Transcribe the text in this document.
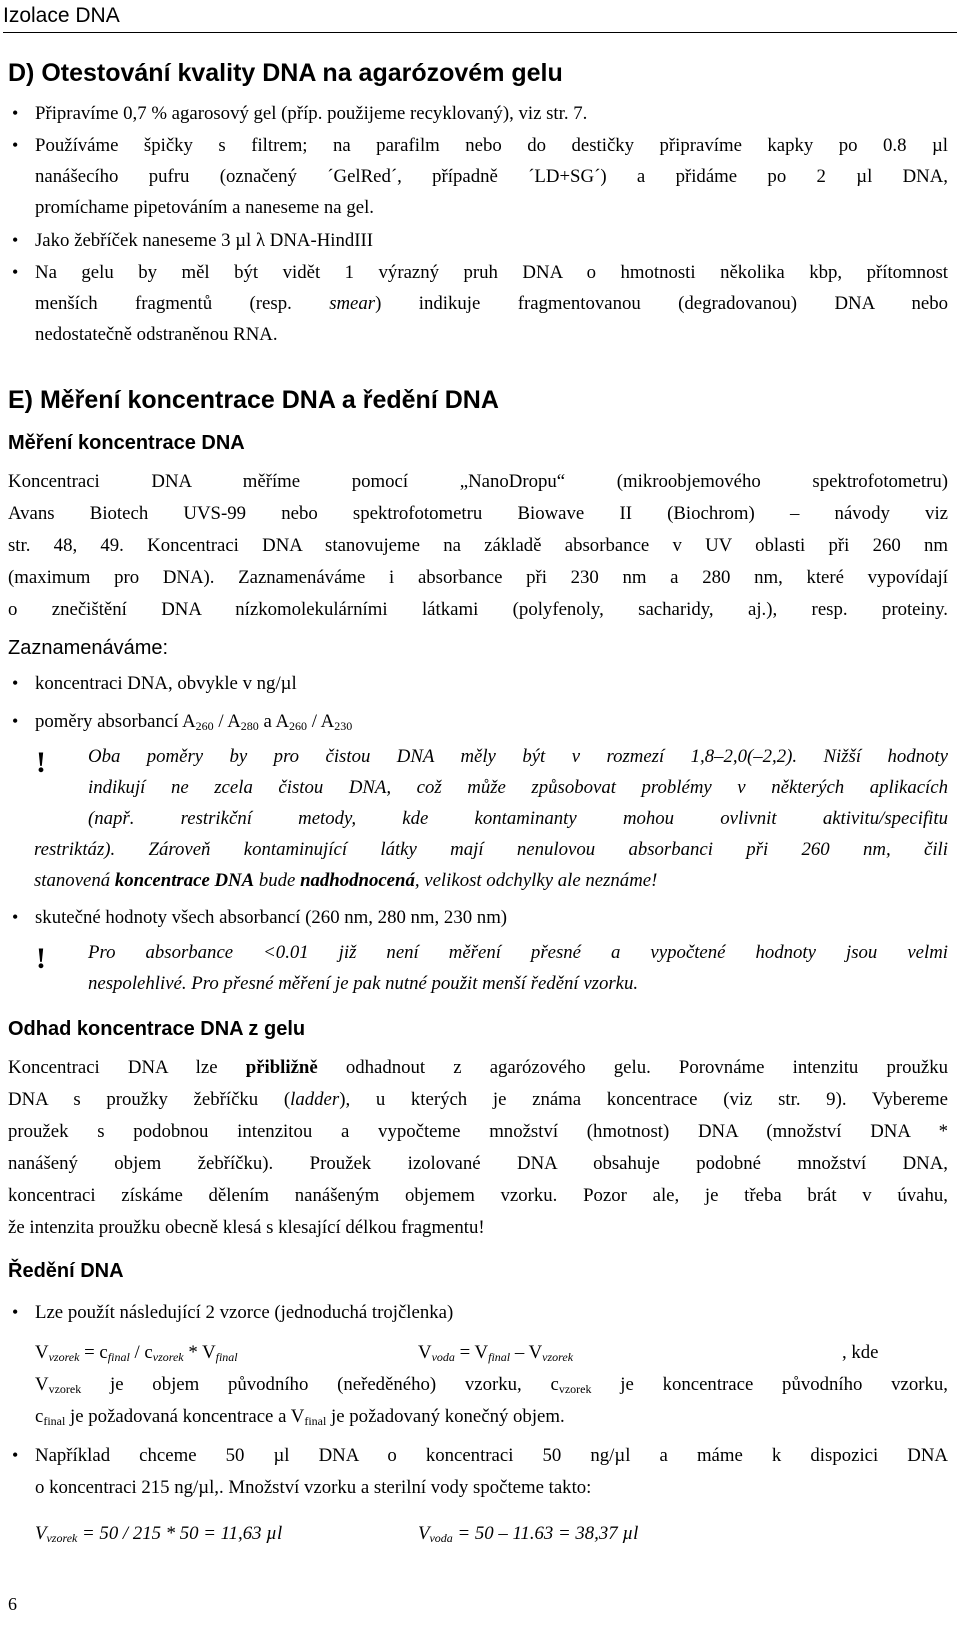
Izolace DNA
D) Otestování kvality DNA na agarózovém gelu
• Připravíme 0,7 % agarosový gel (příp. použijeme recyklovaný), viz str. 7.
• Používáme špičky s filtrem; na parafilm nebo do destičky připravíme kapky po 0.8 µl
nanášecího pufru (označený ´GelRed´, případně ´LD+SG´) a přidáme po 2 µl DNA,
promíchame pipetováním a naneseme na gel.
• Jako žebříček naneseme 3 µl λ DNA-HindIII
• Na gelu by měl být vidět 1 výrazný pruh DNA o hmotnosti několika kbp, přítomnost
menších fragmentů (resp. smear) indikuje fragmentovanou (degradovanou) DNA nebo
nedostatečně odstraněnou RNA.
E) Měření koncentrace DNA a ředění DNA
Měření koncentrace DNA
Koncentraci DNA měříme pomocí „NanoDropu“ (mikroobjemového spektrofotometru)
Avans Biotech UVS-99 nebo spektrofotometru Biowave II (Biochrom) – návody viz
str. 48, 49. Koncentraci DNA stanovujeme na základě absorbance v UV oblasti při 260 nm
(maximum pro DNA). Zaznamenáváme i absorbance při 230 nm a 280 nm, které vypovídají
o znečištění DNA nízkomolekulárními látkami (polyfenoly, sacharidy, aj.), resp. proteiny.
Zaznamenáváme:
• koncentraci DNA, obvykle v ng/µl
• poměry absorbancí $A_{260} / A_{280}$ a $A_{260} / A_{230}$
! Oba poměry by pro čistou DNA měly být v rozmezí 1,8–2,0(–2,2). Nižší hodnoty
indikují ne zcela čistou DNA, což může způsobovat problémy v některých aplikacích
(např. restrikční metody, kde kontaminanty mohou ovlivnit aktivitu/specifitu
restriktáz). Zároveň kontaminující látky mají nenulovou absorbanci při 260 nm, čili
stanovená koncentrace DNA bude nadhodnocená, velikost odchylky ale neznáme!
• skutečné hodnoty všech absorbancí (260 nm, 280 nm, 230 nm)
! Pro absorbance <0.01 již není měření přesné a vypočtené hodnoty jsou velmi
nespolehlivé. Pro přesné měření je pak nutné použit menší ředění vzorku.
Odhad koncentrace DNA z gelu
Koncentraci DNA lze přibližně odhadnout z agarózového gelu. Porovnáme intenzitu proužku
DNA s proužky žebříčku (ladder), u kterých je známa koncentrace (viz str. 9). Vybereme
proužek s podobnou intenzitou a vypočteme množství (hmotnost) DNA (množství DNA *
nanášený objem žebříčku). Proužek izolované DNA obsahuje podobné množství DNA,
koncentraci získáme dělením nanášeným objemem vzorku. Pozor ale, je třeba brát v úvahu,
že intenzita proužku obecně klesá s klesající délkou fragmentu!
Ředění DNA
• Lze použít následující 2 vzorce (jednoduchá trojčlenka)
$V_{vzorek} = c_{final} / c_{vzorek} * V_{final}$	$V_{voda} = V_{final} - V_{vzorek}$	, kde
$V_{vzorek}$ je objem původního (neředěného) vzorku, $c_{vzorek}$ je koncentrace původního vzorku,
$c_{final}$ je požadovaná koncentrace a $V_{final}$ je požadovaný konečný objem.
• Například chceme 50 µl DNA o koncentraci 50 ng/µl a máme k dispozici DNA
o koncentraci 215 ng/µl,. Množství vzorku a sterilní vody spočteme takto:
$V_{vzorek} = 50 / 215 * 50 = 11,63$ µl	$V_{voda} = 50 - 11.63 = 38,37$ µl
6
